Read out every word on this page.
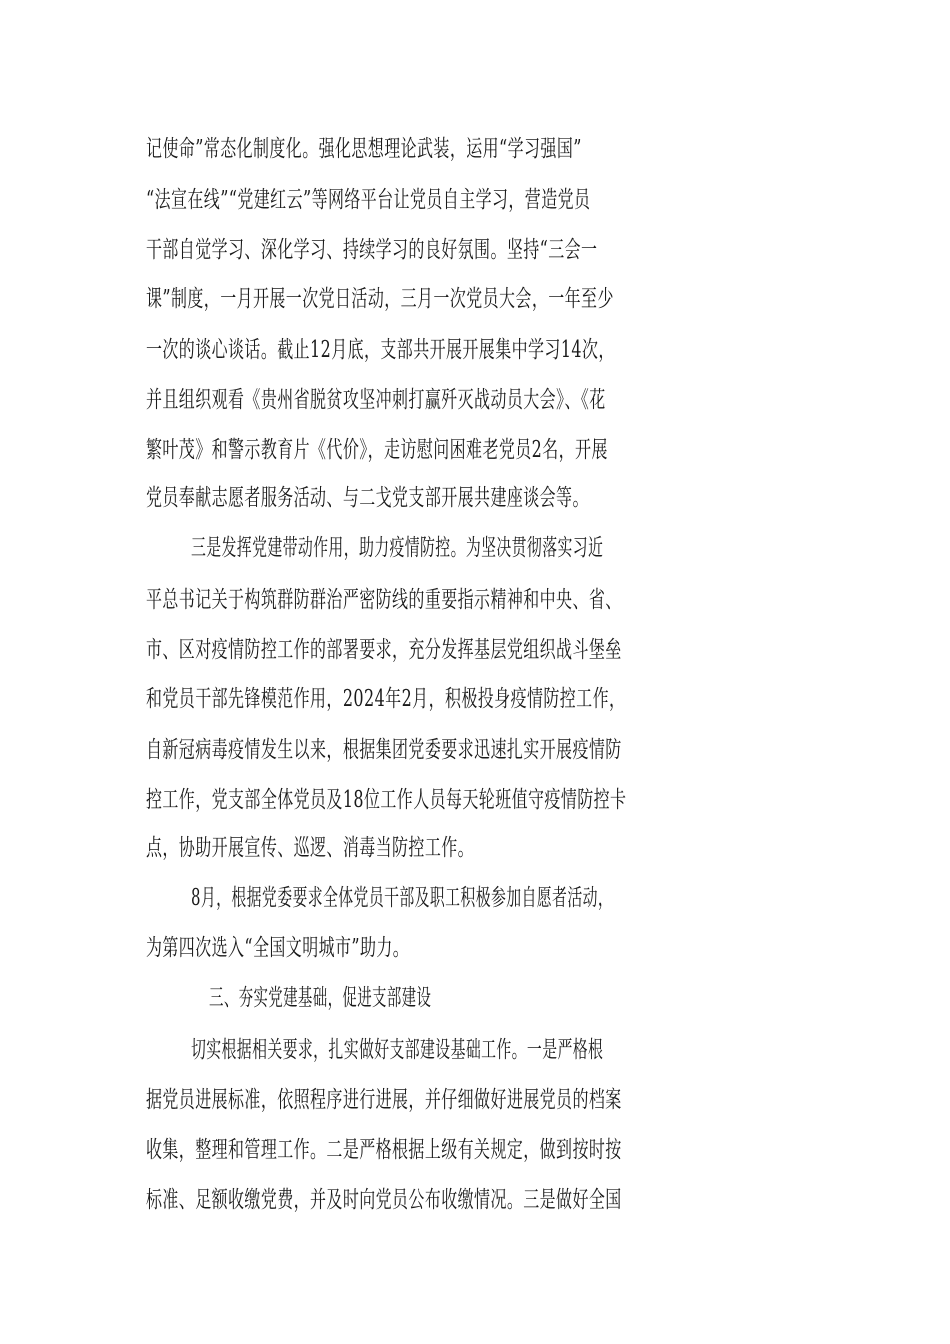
记使命”常态化制度化。强化思想理论武装，运用“学习强国”
“法宣在线”“党建红云”等网络平台让党员自主学习，营造党员
干部自觉学习、深化学习、持续学习的良好氛围。坚持“三会一
课”制度，一月开展一次党日活动，三月一次党员大会，一年至少
一次的谈心谈话。截止12月底，支部共开展开展集中学习14次，
并且组织观看《贵州省脱贫攻坚冲刺打赢歼灭战动员大会》、《花
繁叶茂》和警示教育片《代价》，走访慰问困难老党员2名，开展
党员奉献志愿者服务活动、与二戈党支部开展共建座谈会等。
三是发挥党建带动作用，助力疫情防控。为坚决贯彻落实习近
平总书记关于构筑群防群治严密防线的重要指示精神和中央、省、
市、区对疫情防控工作的部署要求，充分发挥基层党组织战斗堡垒
和党员干部先锋模范作用，2024年2月，积极投身疫情防控工作，
自新冠病毒疫情发生以来，根据集团党委要求迅速扎实开展疫情防
控工作，党支部全体党员及18位工作人员每天轮班值守疫情防控卡
点，协助开展宣传、巡逻、消毒当防控工作。
8月，根据党委要求全体党员干部及职工积极参加自愿者活动，
为第四次选入“全国文明城市”助力。
三、夯实党建基础，促进支部建设
切实根据相关要求，扎实做好支部建设基础工作。一是严格根
据党员进展标准，依照程序进行进展，并仔细做好进展党员的档案
收集，整理和管理工作。二是严格根据上级有关规定，做到按时按
标准、足额收缴党费，并及时向党员公布收缴情况。三是做好全国
